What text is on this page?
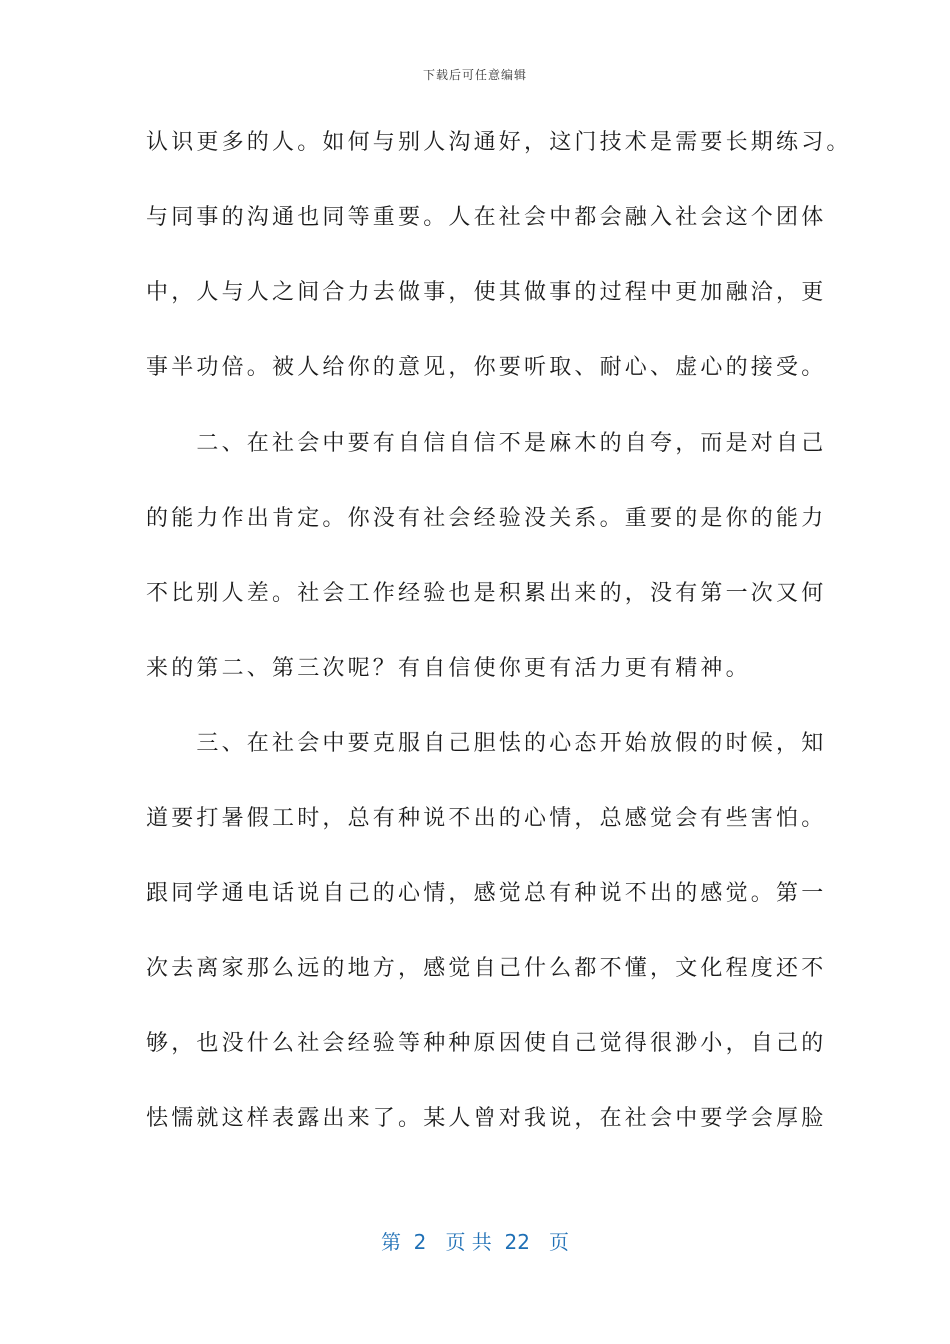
下载后可任意编辑
认识更多的人。如何与别人沟通好，这门技术是需要长期练习。
与同事的沟通也同等重要。人在社会中都会融入社会这个团体
中，人与人之间合力去做事，使其做事的过程中更加融洽，更
事半功倍。被人给你的意见，你要听取、耐心、虚心的接受。
　　二、在社会中要有自信自信不是麻木的自夸，而是对自己
的能力作出肯定。你没有社会经验没关系。重要的是你的能力
不比别人差。社会工作经验也是积累出来的，没有第一次又何
来的第二、第三次呢？有自信使你更有活力更有精神。
　　三、在社会中要克服自己胆怯的心态开始放假的时候，知
道要打暑假工时，总有种说不出的心情，总感觉会有些害怕。
跟同学通电话说自己的心情，感觉总有种说不出的感觉。第一
次去离家那么远的地方，感觉自己什么都不懂，文化程度还不
够，也没什么社会经验等种种原因使自己觉得很渺小，自己的
怯懦就这样表露出来了。某人曾对我说，在社会中要学会厚脸
第  2   页 共  22   页
